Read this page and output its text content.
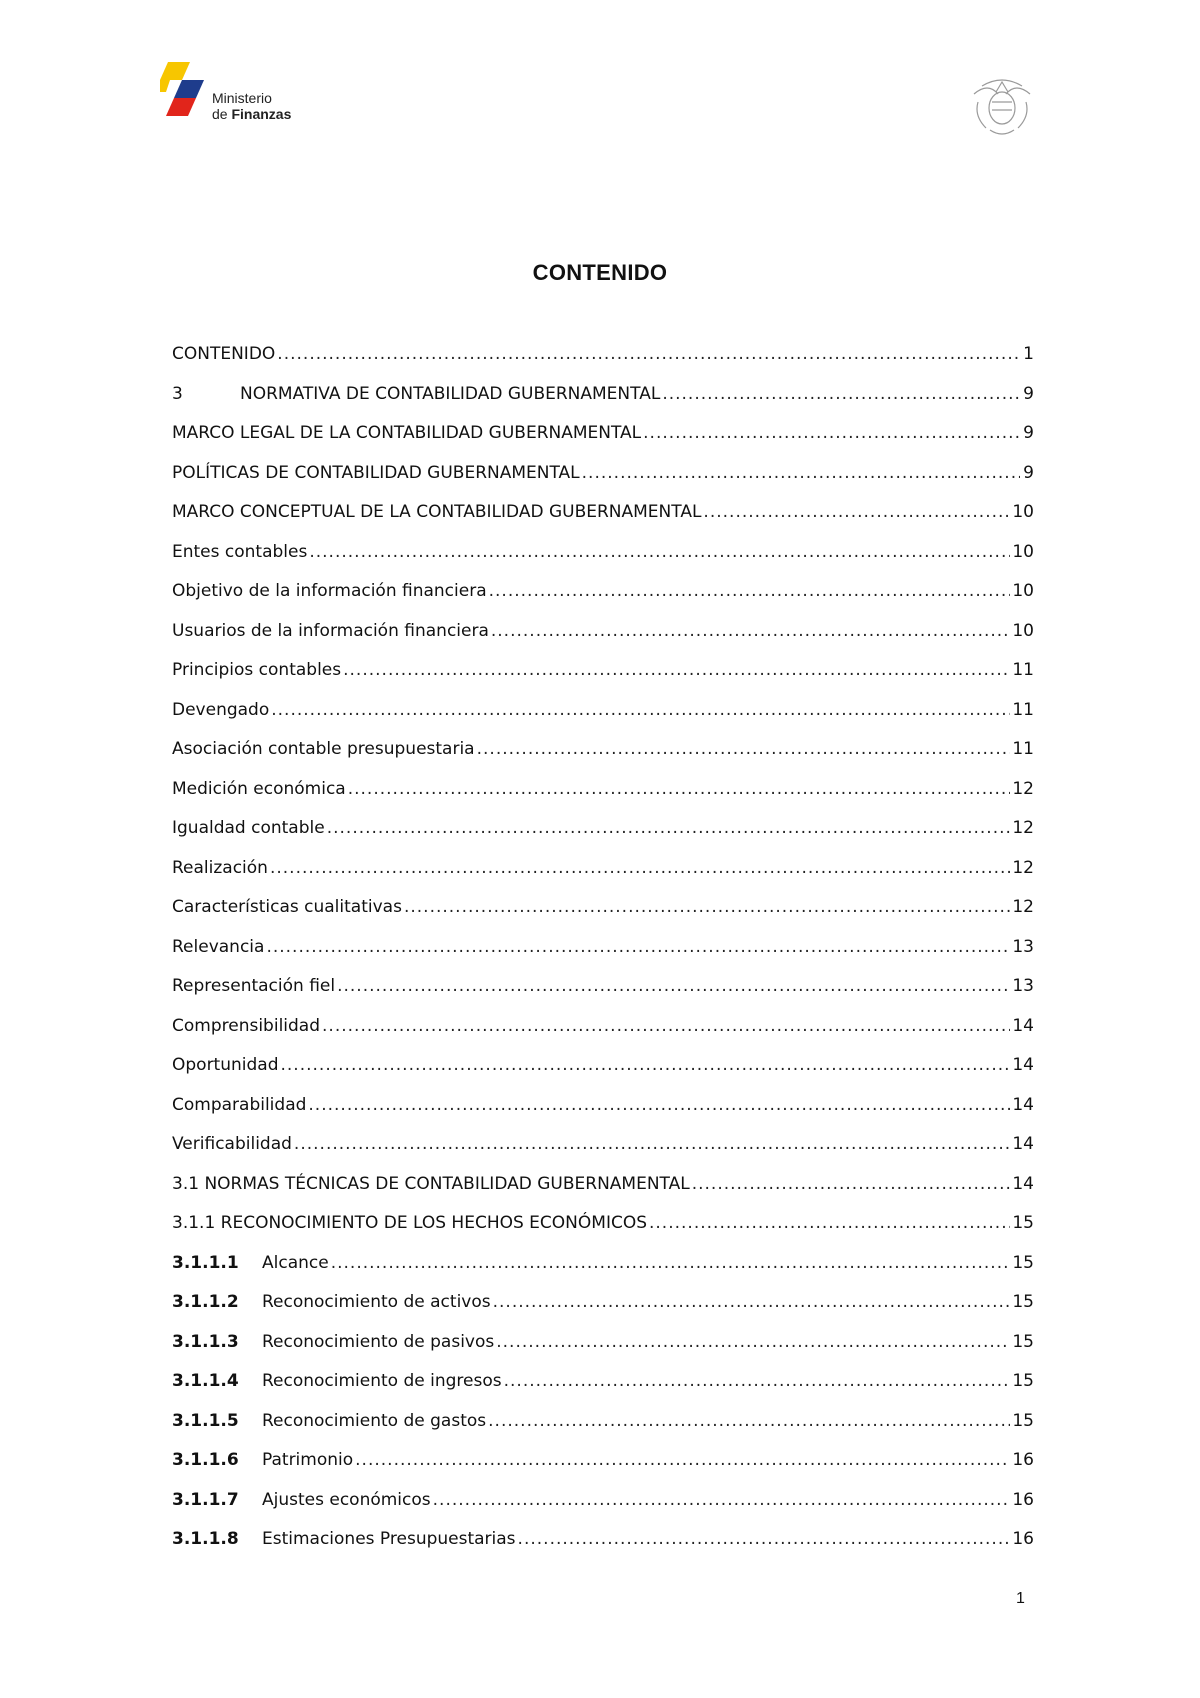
Ministerio
de Finanzas
CONTENIDO
CONTENIDO .....	1
3	NORMATIVA DE CONTABILIDAD GUBERNAMENTAL .....	9
MARCO LEGAL DE LA CONTABILIDAD GUBERNAMENTAL .....	9
POLÍTICAS DE CONTABILIDAD GUBERNAMENTAL .....	9
MARCO CONCEPTUAL DE LA CONTABILIDAD GUBERNAMENTAL .....	10
Entes contables .....	10
Objetivo de la información financiera .....	10
Usuarios de la información financiera .....	10
Principios contables .....	11
Devengado .....	11
Asociación contable presupuestaria .....	11
Medición económica .....	12
Igualdad contable .....	12
Realización .....	12
Características cualitativas .....	12
Relevancia .....	13
Representación fiel .....	13
Comprensibilidad .....	14
Oportunidad .....	14
Comparabilidad .....	14
Verificabilidad .....	14
3.1 NORMAS TÉCNICAS DE CONTABILIDAD GUBERNAMENTAL .....	14
3.1.1 RECONOCIMIENTO DE LOS HECHOS ECONÓMICOS .....	15
3.1.1.1	Alcance .....	15
3.1.1.2	Reconocimiento de activos .....	15
3.1.1.3	Reconocimiento de pasivos .....	15
3.1.1.4	Reconocimiento de ingresos .....	15
3.1.1.5	Reconocimiento de gastos .....	15
3.1.1.6	Patrimonio .....	16
3.1.1.7	Ajustes económicos .....	16
3.1.1.8	Estimaciones Presupuestarias .....	16
1
